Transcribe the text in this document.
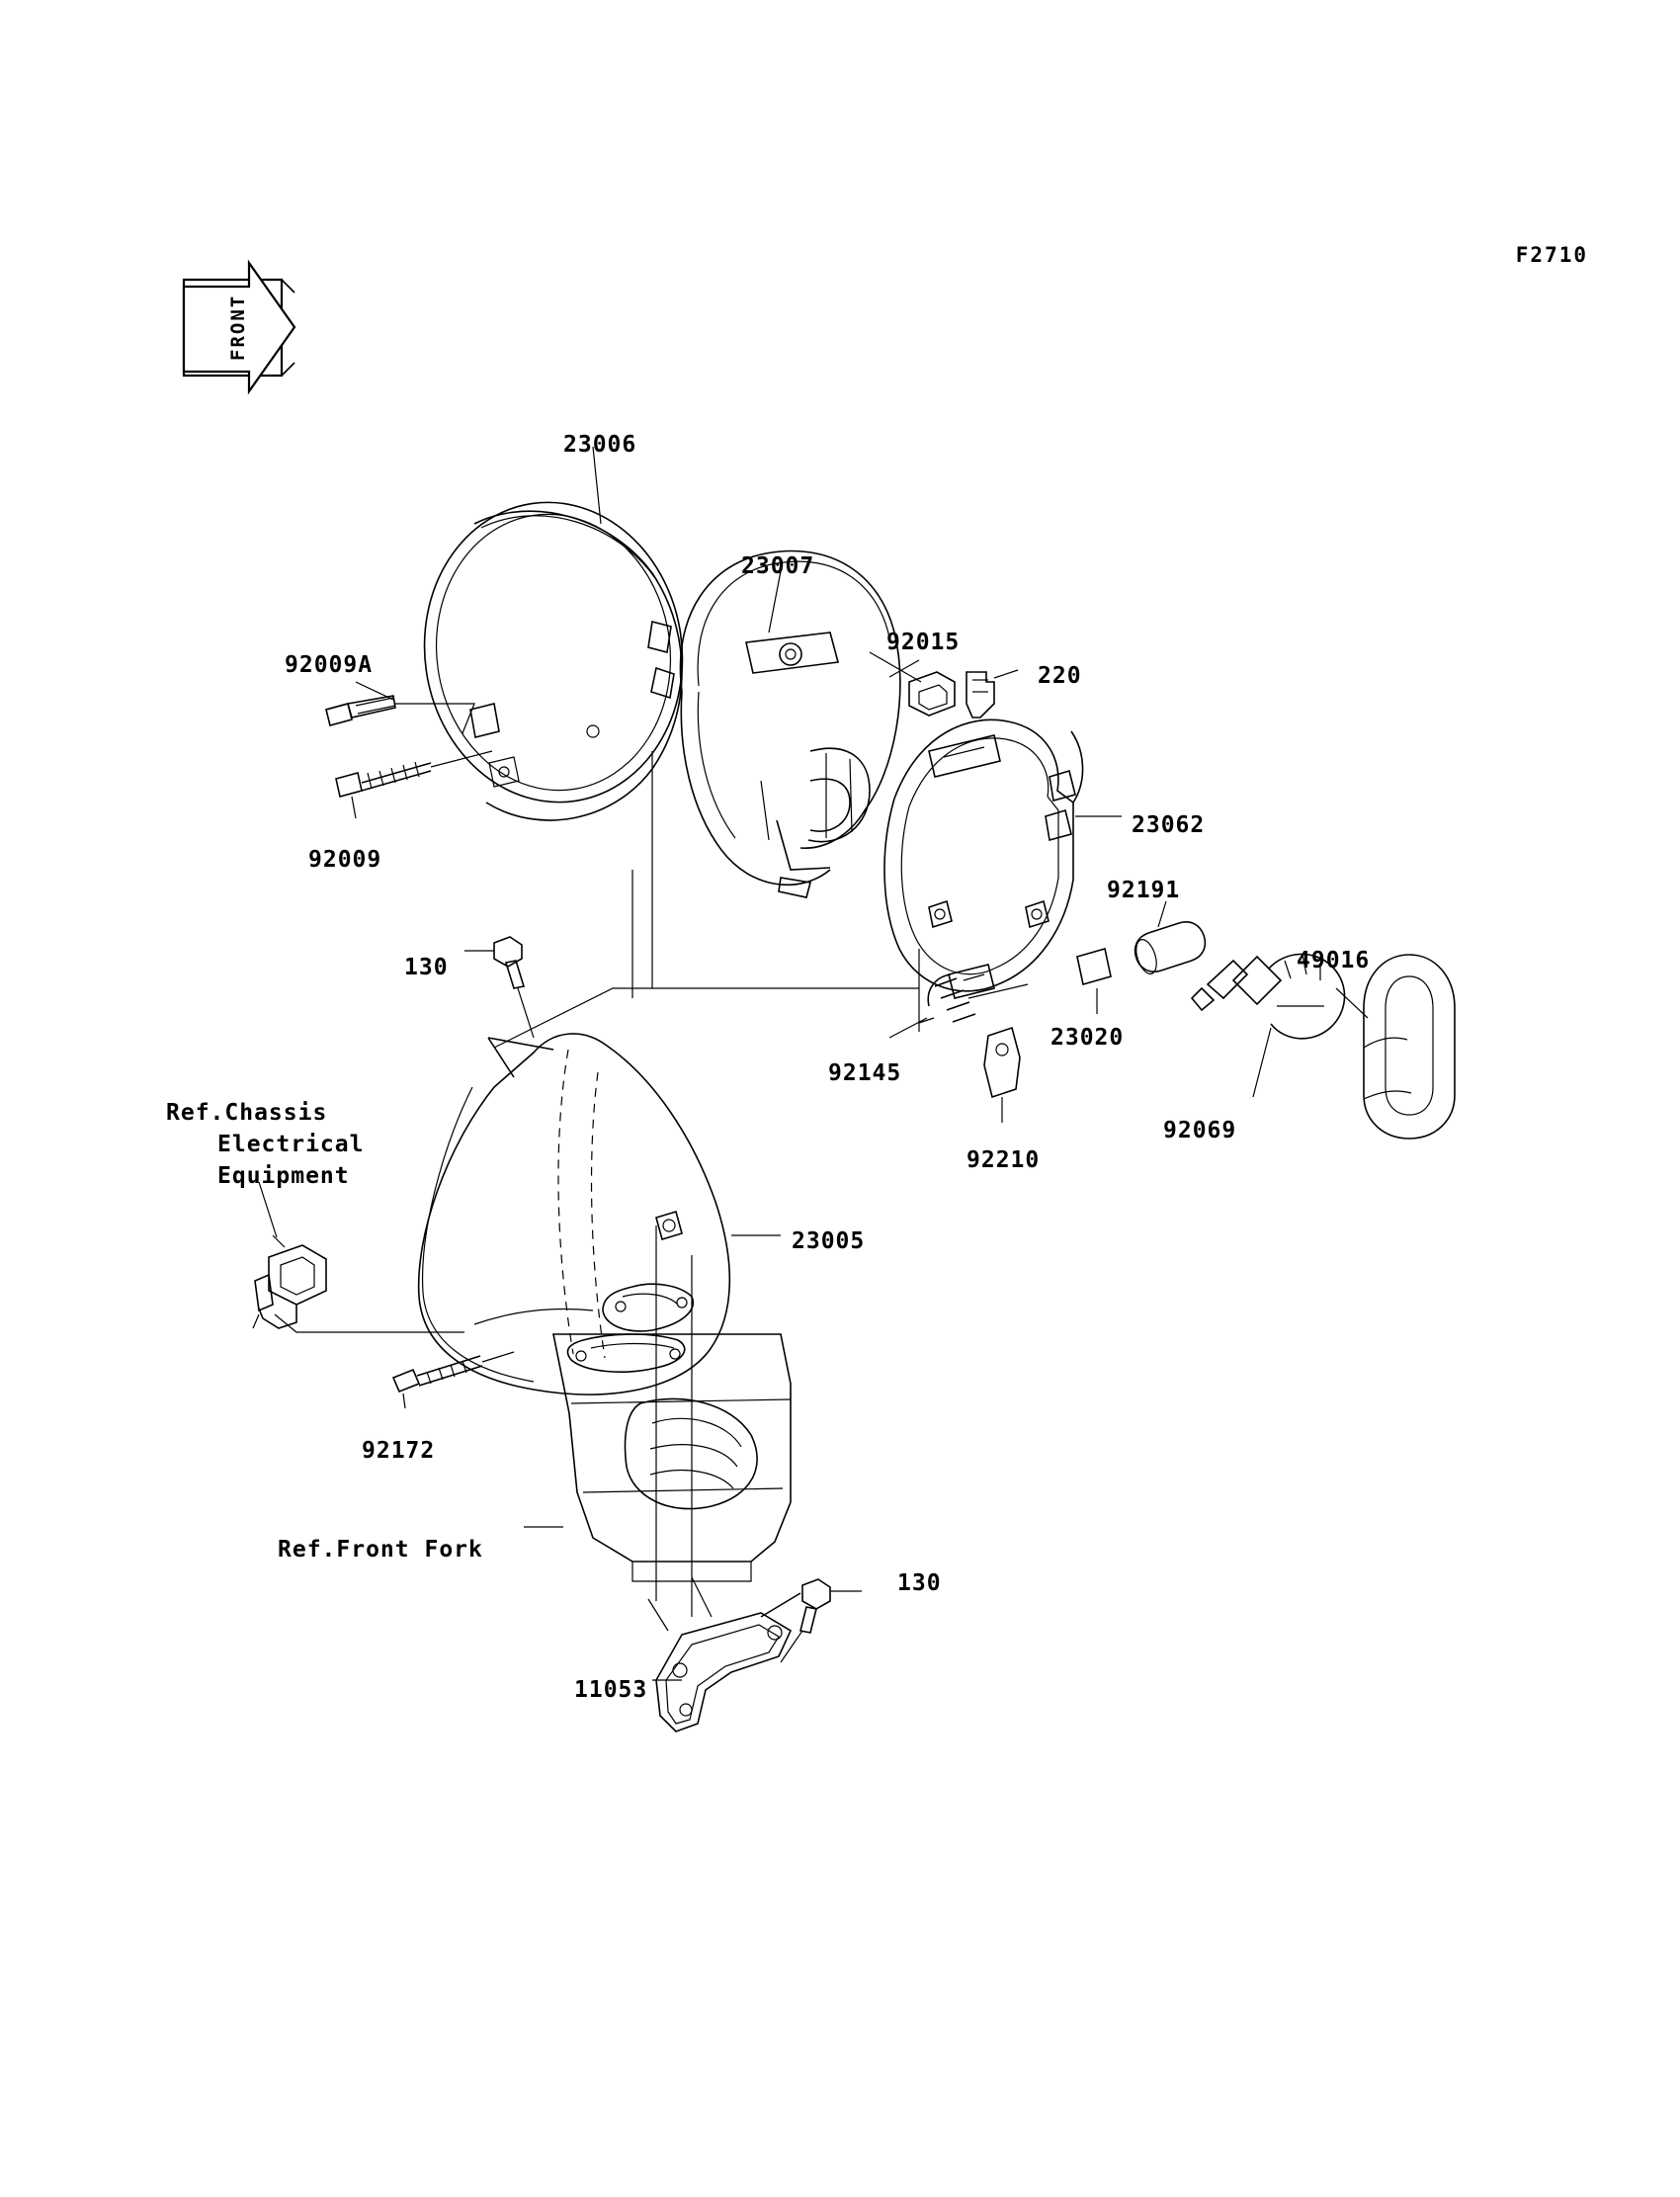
F2710
FRONT
23006
23007
92015
220
92009A
92009
23062
92191
49016
130
23020
92145
92210
92069
23005
92172
130
11053
Ref.Chassis
Electrical
Equipment
Ref.Front Fork
